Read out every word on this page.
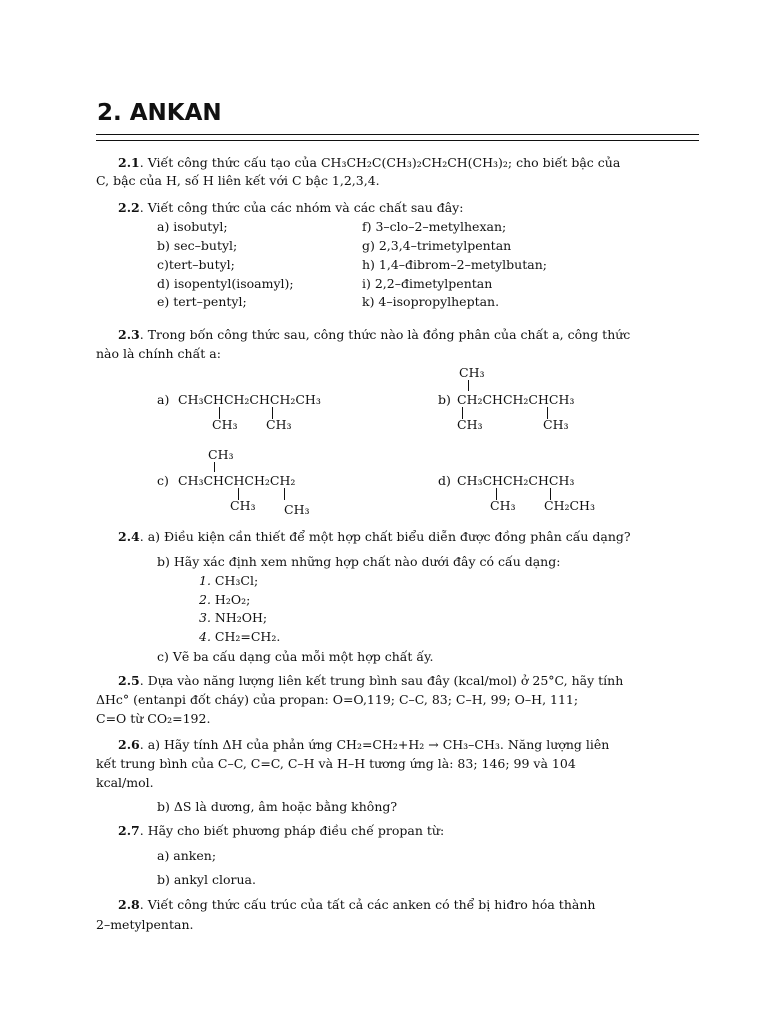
2. ANKAN
2.1. Viết công thức cấu tạo của CH₃CH₂C(CH₃)₂CH₂CH(CH₃)₂; cho biết bậc của
C, bậc của H, số H liên kết với C bậc 1,2,3,4.
2.2. Viết công thức của các nhóm và các chất sau đây:
a) isobutyl;
b) sec–butyl;
c)tert–butyl;
d) isopentyl(isoamyl);
e) tert–pentyl;
f) 3–clo–2–metylhexan;
g) 2,3,4–trimetylpentan
h) 1,4–đibrom–2–metylbutan;
i) 2,2–đimetylpentan
k) 4–isopropylheptan.
2.3. Trong bốn công thức sau, công thức nào là đồng phân của chất a, công thức
nào là chính chất a:
a) CH₃CHCH₂CHCH₂CH₃
CH₃ CH₃
CH₃
b) CH₂CHCH₂CHCH₃
CH₃	CH₃
CH₃
c) CH₃CHCHCH₂CH₂
CH₃ CH₃
d) CH₃CHCH₂CHCH₃
CH₃ CH₂CH₃
2.4. a) Điều kiện cần thiết để một hợp chất biểu diễn được đồng phân cấu dạng?
b) Hãy xác định xem những hợp chất nào dưới đây có cấu dạng:
1. CH₃Cl;
2. H₂O₂;
3. NH₂OH;
4. CH₂=CH₂.
c) Vẽ ba cấu dạng của mỗi một hợp chất ấy.
2.5. Dựa vào năng lượng liên kết trung bình sau đây (kcal/mol) ở 25°C, hãy tính
ΔHc° (entanpi đốt cháy) của propan: O=O,119; C–C, 83; C–H, 99; O–H, 111;
C=O từ CO₂=192.
2.6. a) Hãy tính ΔH của phản ứng CH₂=CH₂+H₂ → CH₃–CH₃. Năng lượng liên
kết trung bình của C–C, C=C, C–H và H–H tương ứng là: 83; 146; 99 và 104
kcal/mol.
b) ΔS là dương, âm hoặc bằng không?
2.7. Hãy cho biết phương pháp điều chế propan từ:
a) anken;
b) ankyl clorua.
2.8. Viết công thức cấu trúc của tất cả các anken có thể bị hiđro hóa thành
2–metylpentan.
